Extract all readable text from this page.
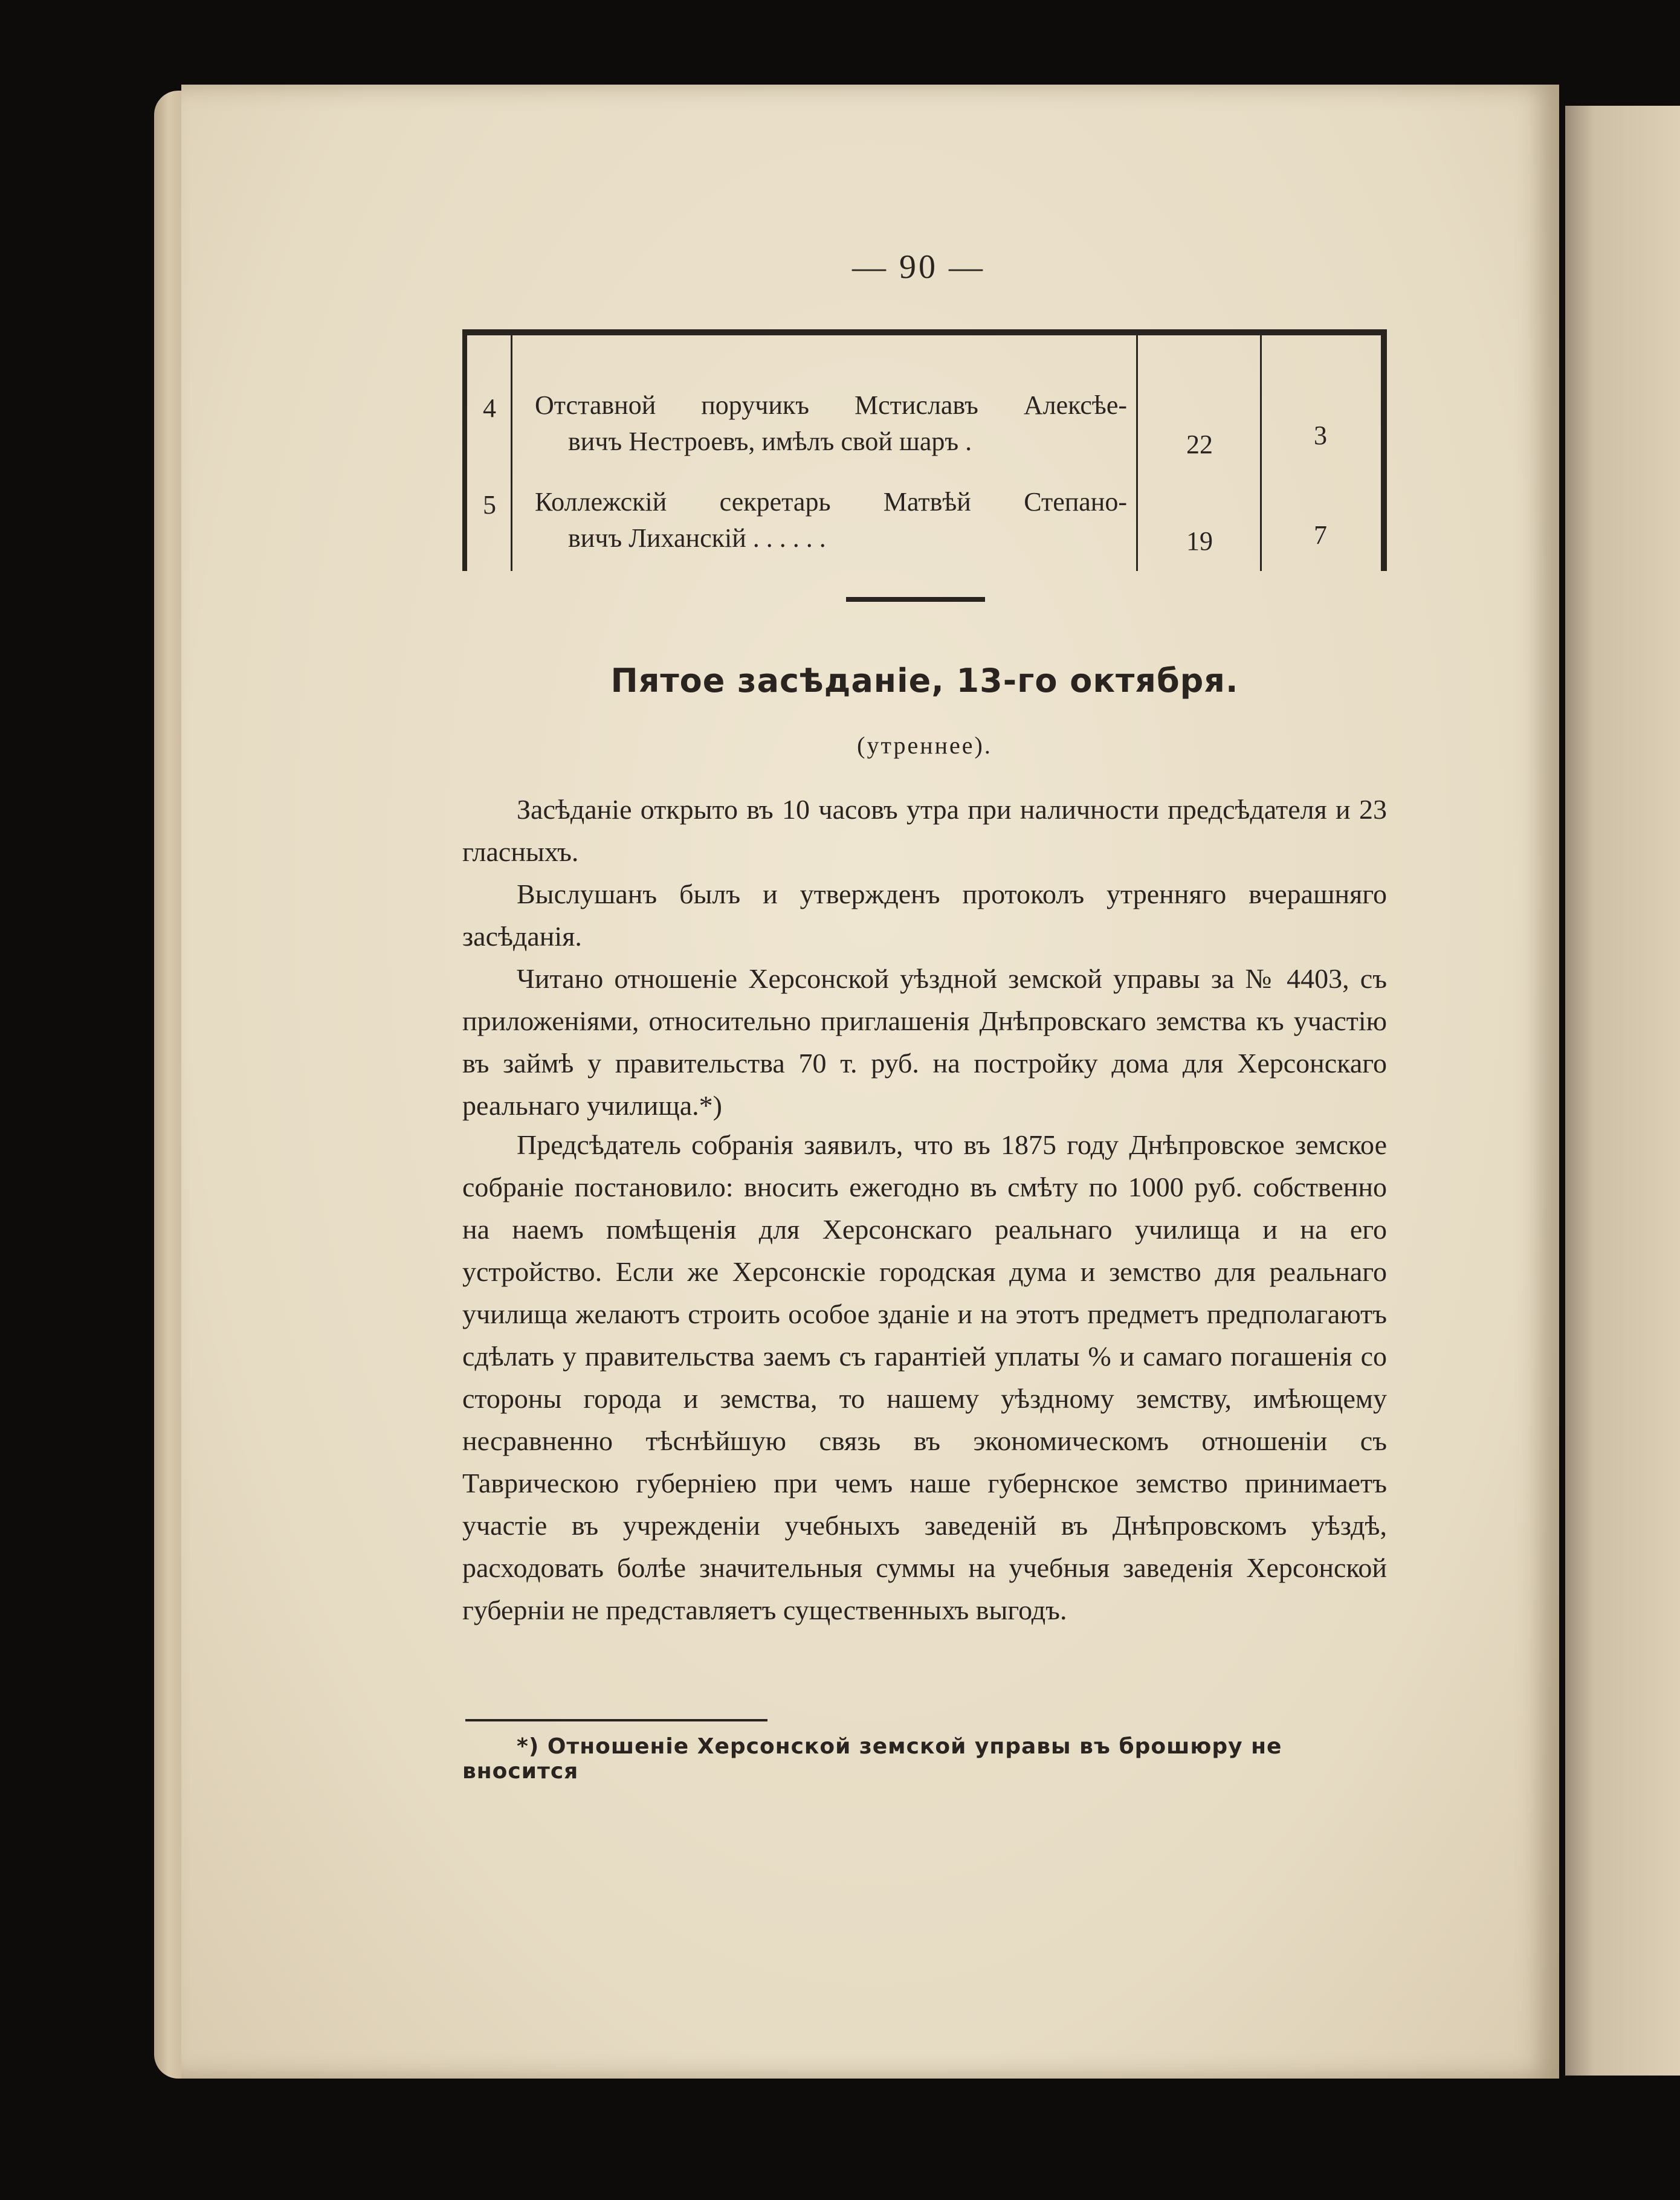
— 90 —
4	Отставной поручикъ Мстиславъ Алексѣе-
вичъ Нестроевъ, имѣлъ свой шаръ .	22	3
5	Коллежскій секретарь Матвѣй Степано-
вичъ Лиханскій . . . . . .	19	7
Пятое засѣданіе, 13-го октября.
(утреннее).

Засѣданіе открыто въ 10 часовъ утра при наличности предсѣдателя и 23 гласныхъ.

Выслушанъ былъ и утвержденъ протоколъ утренняго вчерашняго засѣданія.

Читано отношеніе Херсонской уѣздной земской управы за № 4403, съ приложеніями, относительно приглашенія Днѣпровскаго земства къ участію въ займѣ у правительства 70 т. руб. на постройку дома для Херсонскаго реальнаго училища.*)

Предсѣдатель собранія заявилъ, что въ 1875 году Днѣпровское земское собраніе постановило: вносить ежегодно въ смѣту по 1000 руб. собственно на наемъ помѣщенія для Херсонскаго реальнаго училища и на его устройство. Если же Херсонскіе городская дума и земство для реальнаго училища желаютъ строить особое зданіе и на этотъ предметъ предполагаютъ сдѣлать у правительства заемъ съ гарантіей уплаты % и самаго погашенія со стороны города и земства, то нашему уѣздному земству, имѣющему несравненно тѣснѣйшую связь въ экономическомъ отношеніи съ Таврическою губерніею при чемъ наше губернское земство принимаетъ участіе въ учрежденіи учебныхъ заведеній въ Днѣпровскомъ уѣздѣ, расходовать болѣе значительныя суммы на учебныя заведенія Херсонской губерніи не представляетъ существенныхъ выгодъ.

*) Отношеніе Херсонской земской управы въ брошюру не вносится
